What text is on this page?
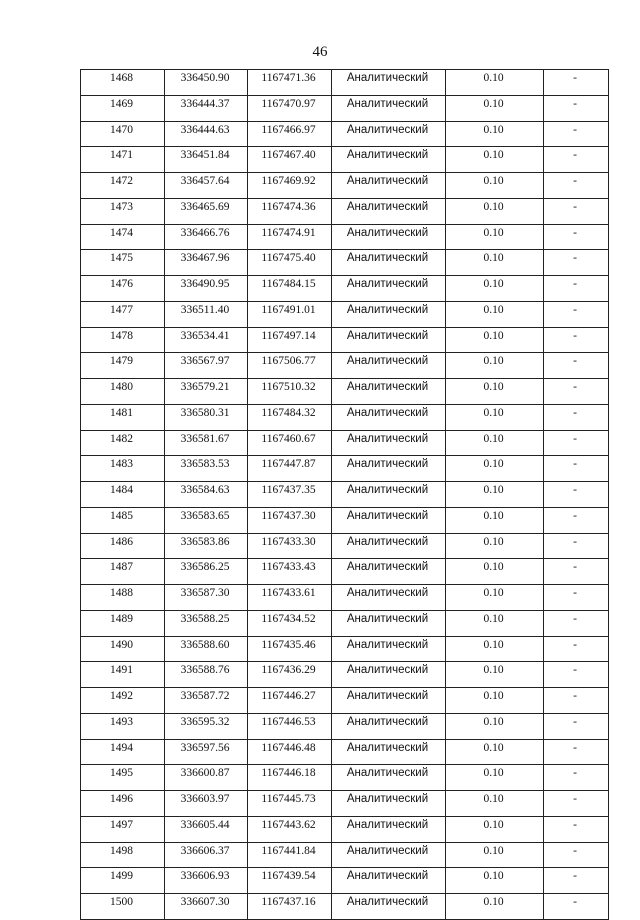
46
1468	336450.90	1167471.36	Аналитический	0.10	-
1469	336444.37	1167470.97	Аналитический	0.10	-
1470	336444.63	1167466.97	Аналитический	0.10	-
1471	336451.84	1167467.40	Аналитический	0.10	-
1472	336457.64	1167469.92	Аналитический	0.10	-
1473	336465.69	1167474.36	Аналитический	0.10	-
1474	336466.76	1167474.91	Аналитический	0.10	-
1475	336467.96	1167475.40	Аналитический	0.10	-
1476	336490.95	1167484.15	Аналитический	0.10	-
1477	336511.40	1167491.01	Аналитический	0.10	-
1478	336534.41	1167497.14	Аналитический	0.10	-
1479	336567.97	1167506.77	Аналитический	0.10	-
1480	336579.21	1167510.32	Аналитический	0.10	-
1481	336580.31	1167484.32	Аналитический	0.10	-
1482	336581.67	1167460.67	Аналитический	0.10	-
1483	336583.53	1167447.87	Аналитический	0.10	-
1484	336584.63	1167437.35	Аналитический	0.10	-
1485	336583.65	1167437.30	Аналитический	0.10	-
1486	336583.86	1167433.30	Аналитический	0.10	-
1487	336586.25	1167433.43	Аналитический	0.10	-
1488	336587.30	1167433.61	Аналитический	0.10	-
1489	336588.25	1167434.52	Аналитический	0.10	-
1490	336588.60	1167435.46	Аналитический	0.10	-
1491	336588.76	1167436.29	Аналитический	0.10	-
1492	336587.72	1167446.27	Аналитический	0.10	-
1493	336595.32	1167446.53	Аналитический	0.10	-
1494	336597.56	1167446.48	Аналитический	0.10	-
1495	336600.87	1167446.18	Аналитический	0.10	-
1496	336603.97	1167445.73	Аналитический	0.10	-
1497	336605.44	1167443.62	Аналитический	0.10	-
1498	336606.37	1167441.84	Аналитический	0.10	-
1499	336606.93	1167439.54	Аналитический	0.10	-
1500	336607.30	1167437.16	Аналитический	0.10	-
